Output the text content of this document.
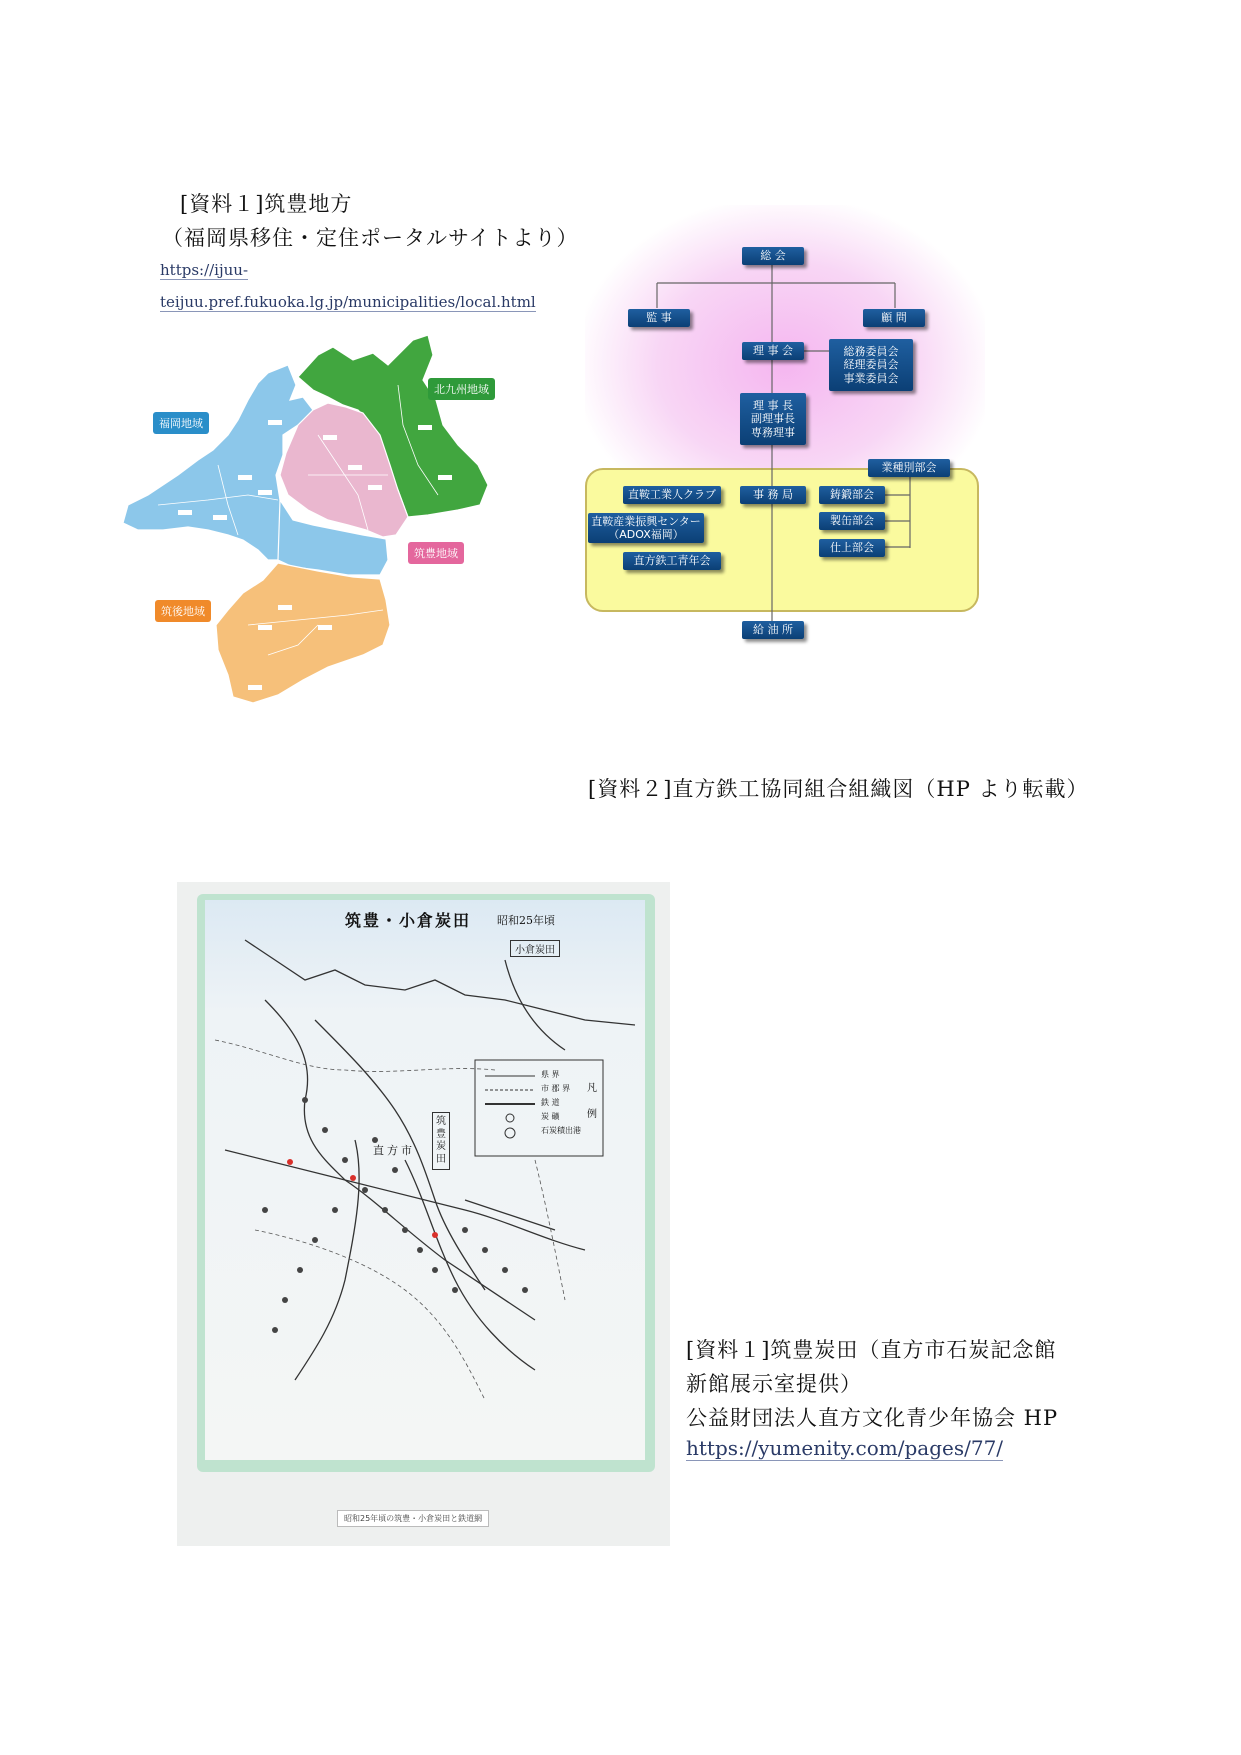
[資料１]筑豊地方
（福岡県移住・定住ポータルサイトより）
https://ijuu-
teijuu.pref.fukuoka.lg.jp/municipalities/local.html
福岡地域
北九州地域
筑豊地域
筑後地域
総 会
監 事	顧 問
理 事 会	総務委員会
経理委員会
事業委員会
理 事 長
副理事長
専務理事
業種別部会
直鞍工業人クラブ	事 務 局	鋳鍛部会
直鞍産業振興センター
（ADOX福岡）
製缶部会
仕上部会
直方鉄工青年会
給 油 所
[資料２]直方鉄工協同組合組織図（HP より転載）
筑豊・小倉炭田 昭和25年頃
小倉炭田
筑豊炭田
直方市
県 界
市 郡 界
鉄 道
炭 礦
石炭積出港
凡
例
昭和25年頃の筑豊・小倉炭田と鉄道網
[資料１]筑豊炭田（直方市石炭記念館
新館展示室提供）
公益財団法人直方文化青少年協会 HP
https://yumenity.com/pages/77/
